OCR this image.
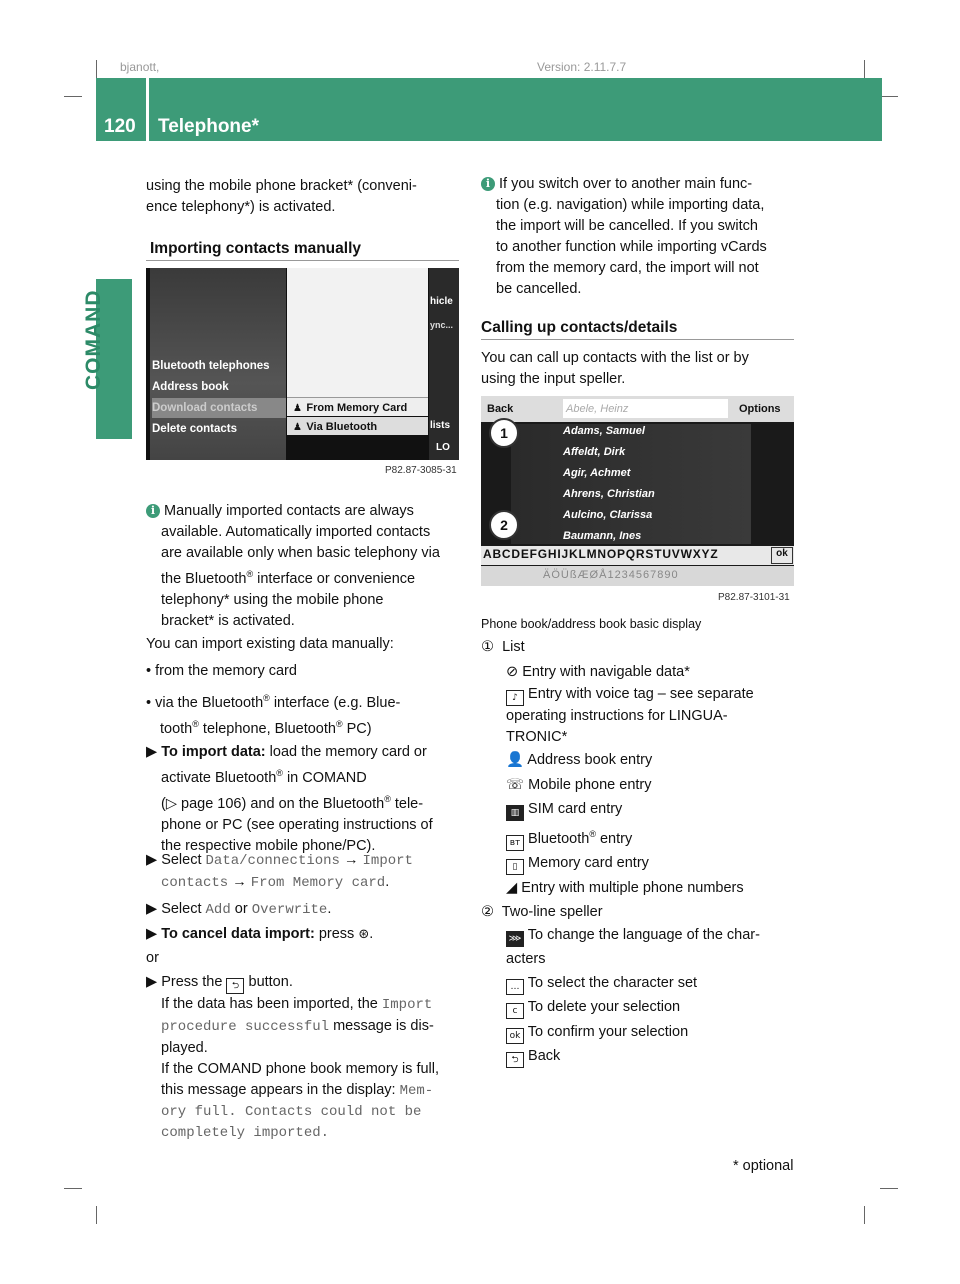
bjanott,	Version: 2.11.7.7
120 Telephone*
COMAND

using the mobile phone bracket* (conveni-

ence telephony*) is activated.

Importing contacts manually
Bluetooth telephones
Address book
Download contacts
Delete contacts
♟ From Memory Card
♟ Via Bluetooth
hicle
ync...
lists
LO
P82.87-3085-31

i Manually imported contacts are always

available. Automatically imported contacts

are available only when basic telephony via

the Bluetooth® interface or convenience

telephony* using the mobile phone

bracket* is activated.

You can import existing data manually:

• from the memory card

• via the Bluetooth® interface (e.g. Blue-

tooth® telephone, Bluetooth® PC)

▶ To import data: load the memory card or

activate Bluetooth® in COMAND

(▷ page 106) and on the Bluetooth® tele-

phone or PC (see operating instructions of

the respective mobile phone/PC).

▶ Select Data/connections → Import

contacts → From Memory card.

▶ Select Add or Overwrite.

▶ To cancel data import: press ⊛.

or

▶ Press the ⮌ button.

If the data has been imported, the Import

procedure successful message is dis-

played.

If the COMAND phone book memory is full,

this message appears in the display: Mem‑

ory full. Contacts could not be

completely imported.

i If you switch over to another main func-

tion (e.g. navigation) while importing data,

the import will be cancelled. If you switch

to another function while importing vCards

from the memory card, the import will not

be cancelled.

Calling up contacts/details

You can call up contacts with the list or by

using the input speller.

Back	Abele, Heinz	Options
Adams, Samuel
Affeldt, Dirk
Agir, Achmet
Ahrens, Christian
Aulcino, Clarissa
Baumann, Ines
1
2
ABCDEFGHIJKLMNOPQRSTUVWXYZ	ok
ÄÖÜßÆØÅ1234567890
P82.87-3101-31
Phone book/address book basic display

① List

⊘ Entry with navigable data*

♪ Entry with voice tag – see separate

operating instructions for LINGUA-

TRONIC*

👤 Address book entry

☏ Mobile phone entry

▥ SIM card entry

ʙᴛ Bluetooth® entry

▯ Memory card entry

◢ Entry with multiple phone numbers

② Two-line speller

⋙ To change the language of the char-

acters

… To select the character set

c To delete your selection

ok To confirm your selection

⮌ Back

* optional
